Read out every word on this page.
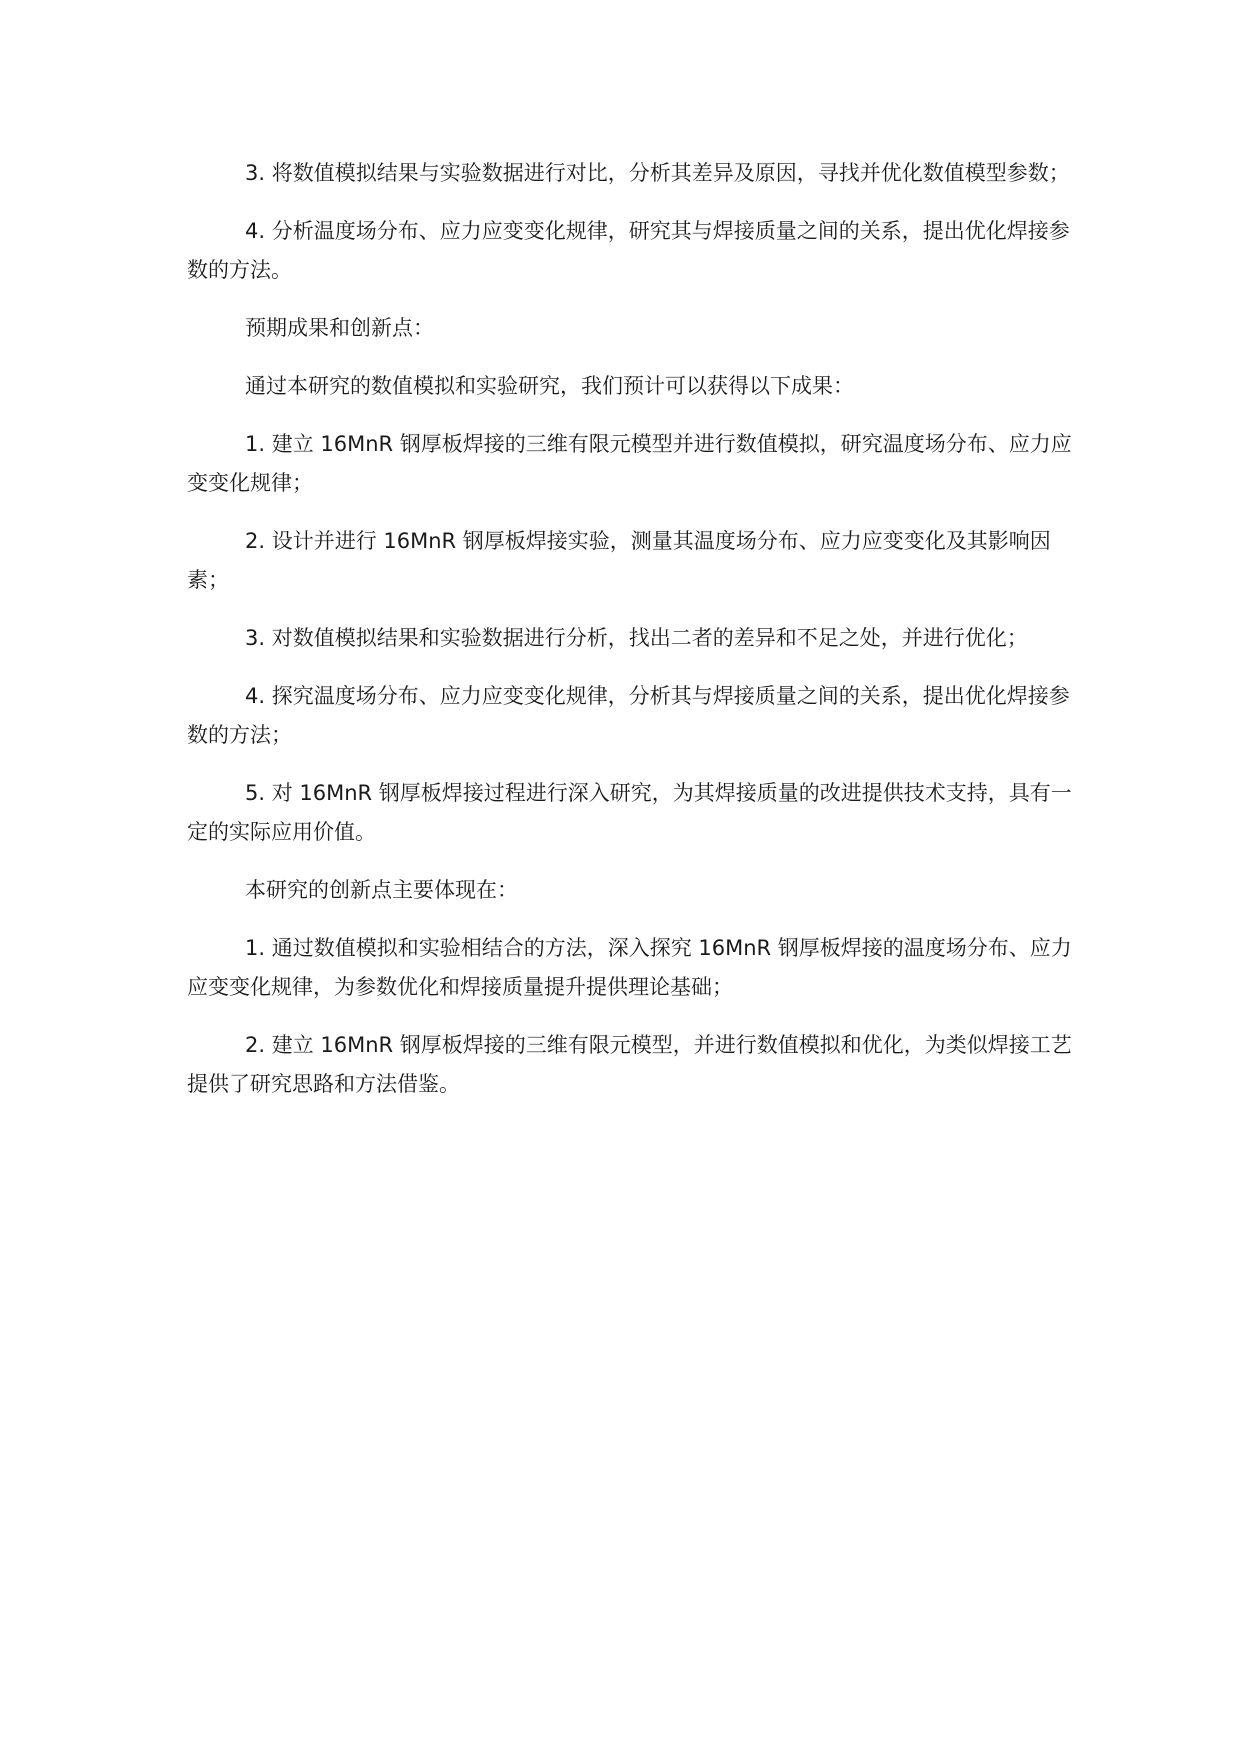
3. 将数值模拟结果与实验数据进行对比，分析其差异及原因，寻找并优化数值模型参数；

4. 分析温度场分布、应力应变变化规律，研究其与焊接质量之间的关系，提出优化焊接参数的方法。

预期成果和创新点：

通过本研究的数值模拟和实验研究，我们预计可以获得以下成果：

1. 建立 16MnR 钢厚板焊接的三维有限元模型并进行数值模拟，研究温度场分布、应力应变变化规律；

2. 设计并进行 16MnR 钢厚板焊接实验，测量其温度场分布、应力应变变化及其影响因素；

3. 对数值模拟结果和实验数据进行分析，找出二者的差异和不足之处，并进行优化；

4. 探究温度场分布、应力应变变化规律，分析其与焊接质量之间的关系，提出优化焊接参数的方法；

5. 对 16MnR 钢厚板焊接过程进行深入研究，为其焊接质量的改进提供技术支持，具有一定的实际应用价值。

本研究的创新点主要体现在：

1. 通过数值模拟和实验相结合的方法，深入探究 16MnR 钢厚板焊接的温度场分布、应力应变变化规律，为参数优化和焊接质量提升提供理论基础；

2. 建立 16MnR 钢厚板焊接的三维有限元模型，并进行数值模拟和优化，为类似焊接工艺提供了研究思路和方法借鉴。
